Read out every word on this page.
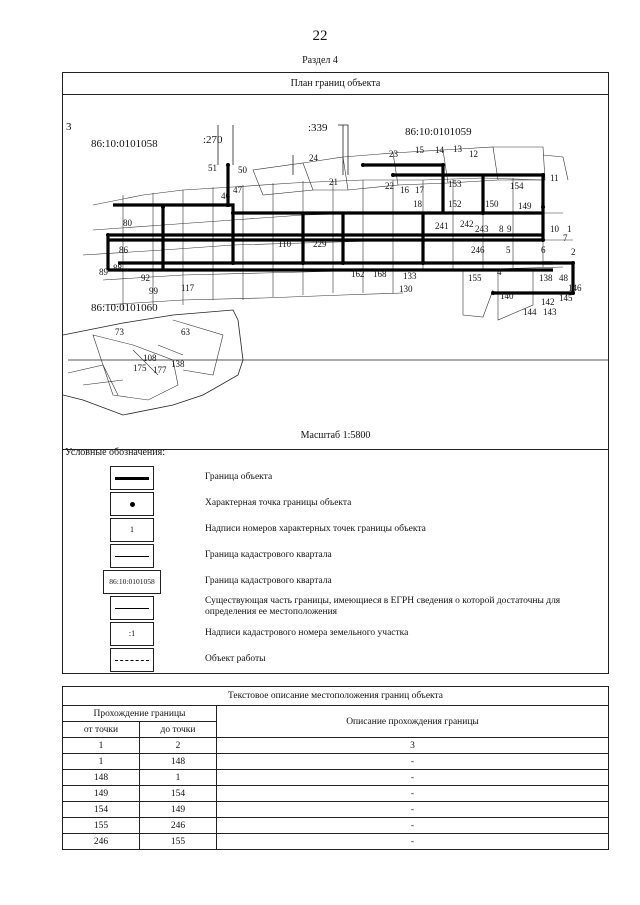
22
Раздел 4
План границ объекта
86:10:0101058
86:10:0101059
86:10:0101060
:270
:339
3
23 15 14 13 12
24
51 50
21	22 16 17
153	154
11
47
46
18	152	150 149
241 242 243 8 9	10 1
7
246 5	6	2
4
155	138 48
146
145
140
142
144 143
133
130
168
162
229
110
117
92
99
89 88
86
80
73	63
108
175 177
138
Масштаб 1:5800
Условные обозначения:
Граница объекта
Характерная точка границы объекта
1	Надписи номеров характерных точек границы объекта
Граница кадастрового квартала
86:10:0101058	Граница кадастрового квартала
Существующая часть границы, имеющиеся в ЕГРН сведения о которой достаточны для определения ее местоположения
:1	Надписи кадастрового номера земельного участка
Объект работы
Текстовое описание местоположения границ объекта		
Прохождение границы		Описание прохождения границы
от точки	до точки	
1	2	3
1	148	-
148	1	-
149	154	-
154	149	-
155	246	-
246	155	-
